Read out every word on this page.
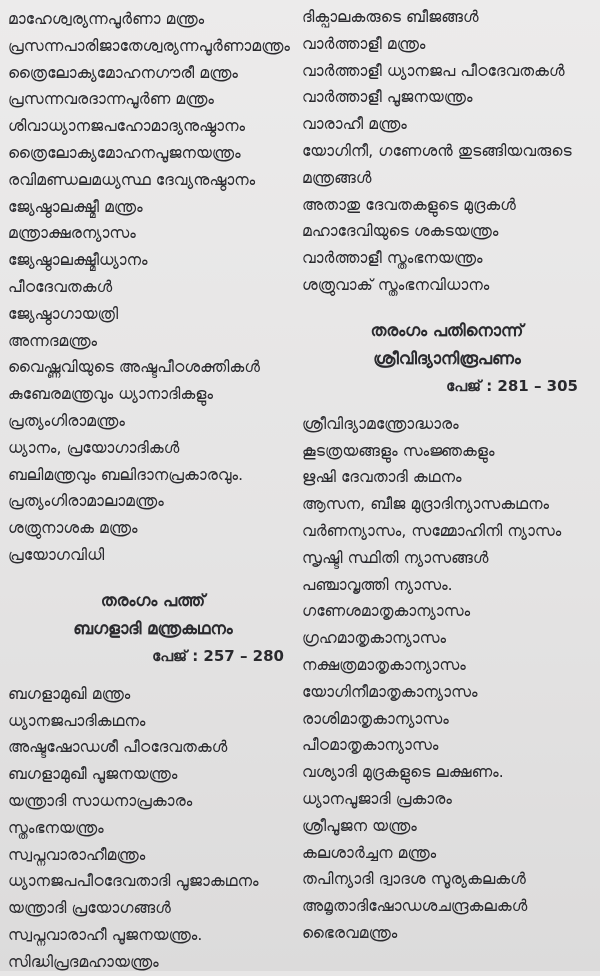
മാഹേശ്വര്യന്നപൂർണാ മന്ത്രം
പ്രസന്നപാരിജാതേശ്വര്യന്നപൂർണാമന്ത്രം
ത്രൈലോക്യമോഹനഗൗരീ മന്ത്രം
പ്രസന്നവരദാന്നപൂർണ മന്ത്രം
ശിവാധ്യാനജപഹോമാദ്യനുഷ്ഠാനം
ത്രൈലോക്യമോഹനപൂജനയന്ത്രം
രവിമണ്ഡലമധ്യസ്ഥ ദേവ്യനുഷ്ഠാനം
ജ്യേഷ്ഠാലക്ഷ്മീ മന്ത്രം
മന്ത്രാക്ഷരന്യാസം
ജ്യേഷ്ഠാലക്ഷ്മീധ്യാനം
പീഠദേവതകൾ
ജ്യേഷ്ഠാഗായത്രി
അന്നദമന്ത്രം
വൈഷ്ണവിയുടെ അഷ്ടപീഠശക്തികൾ
കുബേരമന്ത്രവും ധ്യാനാദികളും
പ്രത്യംഗിരാമന്ത്രം
ധ്യാനം, പ്രയോഗാദികൾ
ബലിമന്ത്രവും ബലിദാനപ്രകാരവും.
പ്രത്യംഗിരാമാലാമന്ത്രം
ശത്രുനാശക മന്ത്രം
പ്രയോഗവിധി
തരംഗം പത്ത്
ബഗളാദി മന്ത്രകഥനം
പേജ് : 257 – 280
ബഗളാമുഖി മന്ത്രം
ധ്യാനജപാദികഥനം
അഷ്ടഷോഡശീ പീഠദേവതകൾ
ബഗളാമുഖീ പൂജനയന്ത്രം
യന്ത്രാദി സാധനാപ്രകാരം
സ്തംഭനയന്ത്രം
സ്വപ്നവാരാഹീമന്ത്രം
ധ്യാനജപപീഠദേവതാദി പൂജാകഥനം
യന്ത്രാദി പ്രയോഗങ്ങൾ
സ്വപ്നവാരാഹീ പൂജനയന്ത്രം.
സിദ്ധിപ്രദമഹായന്ത്രം
ദിക്പാലകരുടെ ബീജങ്ങൾ
വാർത്താളീ മന്ത്രം
വാർത്താളീ ധ്യാനജപ പീഠദേവതകൾ
വാർത്താളീ പൂജനയന്ത്രം
വാരാഹീ മന്ത്രം
യോഗിനീ, ഗണേശൻ തുടങ്ങിയവരുടെ
മന്ത്രങ്ങൾ
അതാതു ദേവതകളുടെ മുദ്രകൾ
മഹാദേവിയുടെ ശകടയന്ത്രം
വാർത്താളീ സ്തംഭനയന്ത്രം
ശത്രുവാക് സ്തംഭനവിധാനം
തരംഗം പതിനൊന്ന്
ശ്രീവിദ്യാനിരൂപണം
പേജ് : 281 – 305
ശ്രീവിദ്യാമന്ത്രോദ്ധാരം
കൂടത്രയങ്ങളും സംജ്ഞകളും
ഋഷി ദേവതാദി കഥനം
ആസന, ബീജ മുദ്രാദിന്യാസകഥനം
വർണന്യാസം, സമ്മോഹിനി ന്യാസം
സൃഷ്ടി സ്ഥിതി ന്യാസങ്ങൾ
പഞ്ചാവൃത്തി ന്യാസം.
ഗണേശമാതൃകാന്യാസം
ഗ്രഹമാതൃകാന്യാസം
നക്ഷത്രമാതൃകാന്യാസം
യോഗിനീമാതൃകാന്യാസം
രാശിമാതൃകാന്യാസം
പീഠമാതൃകാന്യാസം
വശ്യാദി മുദ്രകളുടെ ലക്ഷണം.
ധ്യാനപൂജാദി പ്രകാരം
ശ്രീപൂജന യന്ത്രം
കലശാർച്ചന മന്ത്രം
തപിന്യാദി ദ്വാദശ സൂര്യകലകൾ
അമൃതാദിഷോഡശചന്ദ്രകലകൾ
ഭൈരവമന്ത്രം
